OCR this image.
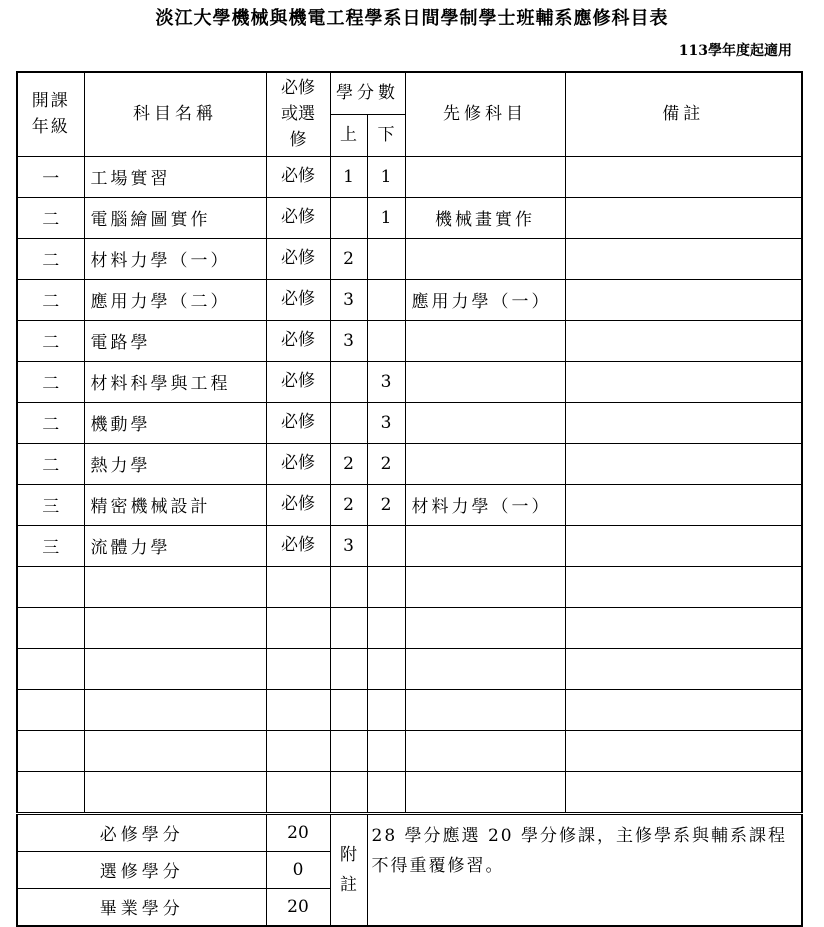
淡江大學機械與機電工程學系日間學制學士班輔系應修科目表
113學年度起適用
開課年級	科目名稱	必修或選修	學分數		先修科目	備註
			上	下		
一	工場實習	必修	1	1		
二	電腦繪圖實作	必修		1	機械畫實作	
二	材料力學（一）	必修	2			
二	應用力學（二）	必修	3		應用力學（一）	
二	電路學	必修	3			
二	材料科學與工程	必修		3		
二	機動學	必修		3		
二	熱力學	必修	2	2		
三	精密機械設計	必修	2	2	材料力學（一）	
三	流體力學	必修	3			

必修學分		20	附註	28 學分應選 20 學分修課，主修學系與輔系課程不得重覆修習。		
選修學分		0				
畢業學分		20				
